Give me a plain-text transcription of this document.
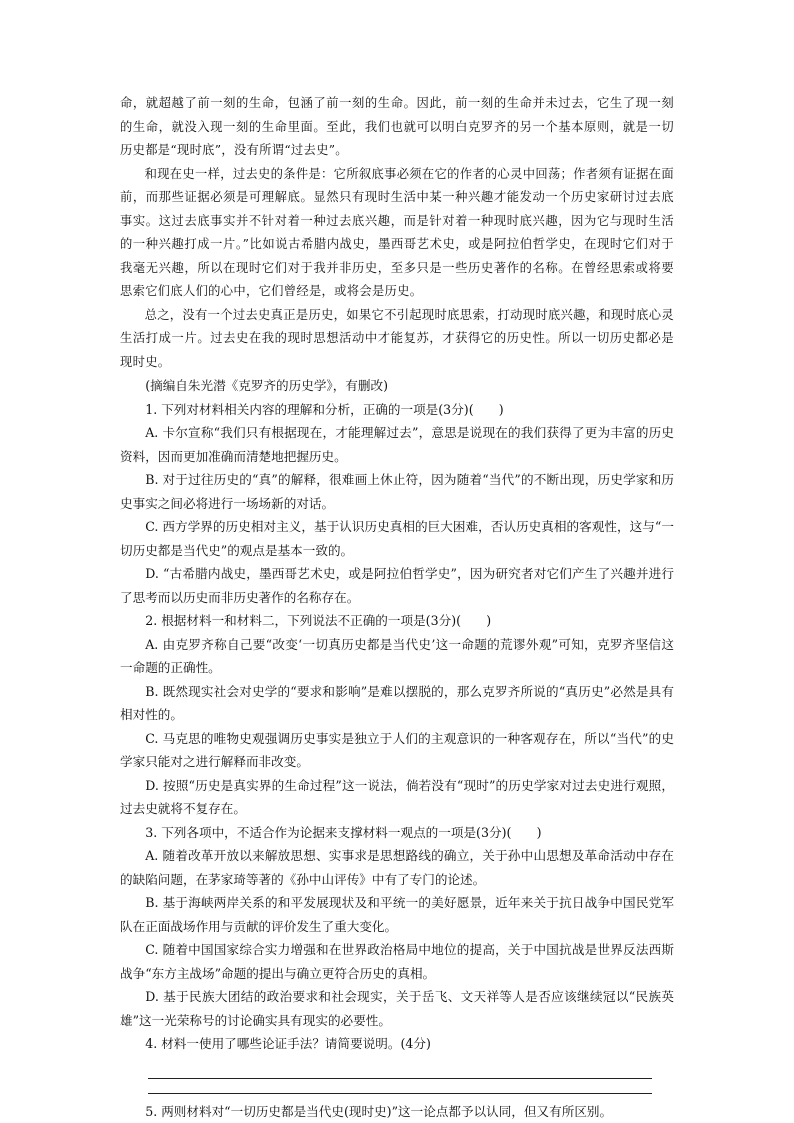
命，就超越了前一刻的生命，包涵了前一刻的生命。因此，前一刻的生命并未过去，它生了现一刻的生命，就没入现一刻的生命里面。至此，我们也就可以明白克罗齐的另一个基本原则，就是一切历史都是“现时底”，没有所谓“过去史”。

和现在史一样，过去史的条件是：它所叙底事必须在它的作者的心灵中回荡；作者须有证据在面前，而那些证据必须是可理解底。显然只有现时生活中某一种兴趣才能发动一个历史家研讨过去底事实。这过去底事实并不针对着一种过去底兴趣，而是针对着一种现时底兴趣，因为它与现时生活的一种兴趣打成一片。”比如说古希腊内战史，墨西哥艺术史，或是阿拉伯哲学史，在现时它们对于我毫无兴趣，所以在现时它们对于我并非历史，至多只是一些历史著作的名称。在曾经思索或将要思索它们底人们的心中，它们曾经是，或将会是历史。

总之，没有一个过去史真正是历史，如果它不引起现时底思索，打动现时底兴趣，和现时底心灵生活打成一片。过去史在我的现时思想活动中才能复苏，才获得它的历史性。所以一切历史都必是现时史。

(摘编自朱光潜《克罗齐的历史学》，有删改)

1. 下列对材料相关内容的理解和分析，正确的一项是(3分)(　　)

A. 卡尔宣称“我们只有根据现在，才能理解过去”，意思是说现在的我们获得了更为丰富的历史资料，因而更加准确而清楚地把握历史。

B. 对于过往历史的“真”的解释，很难画上休止符，因为随着“当代”的不断出现，历史学家和历史事实之间必将进行一场场新的对话。

C. 西方学界的历史相对主义，基于认识历史真相的巨大困难，否认历史真相的客观性，这与“一切历史都是当代史”的观点是基本一致的。

D. “古希腊内战史，墨西哥艺术史，或是阿拉伯哲学史”，因为研究者对它们产生了兴趣并进行了思考而以历史而非历史著作的名称存在。

2. 根据材料一和材料二，下列说法不正确的一项是(3分)(　　)

A. 由克罗齐称自己要“改变‘一切真历史都是当代史’这一命题的荒谬外观”可知，克罗齐坚信这一命题的正确性。

B. 既然现实社会对史学的“要求和影响”是难以摆脱的，那么克罗齐所说的“真历史”必然是具有相对性的。

C. 马克思的唯物史观强调历史事实是独立于人们的主观意识的一种客观存在，所以“当代”的史学家只能对之进行解释而非改变。

D. 按照“历史是真实界的生命过程”这一说法，倘若没有“现时”的历史学家对过去史进行观照，过去史就将不复存在。

3. 下列各项中，不适合作为论据来支撑材料一观点的一项是(3分)(　　)

A. 随着改革开放以来解放思想、实事求是思想路线的确立，关于孙中山思想及革命活动中存在的缺陷问题，在茅家琦等著的《孙中山评传》中有了专门的论述。

B. 基于海峡两岸关系的和平发展现状及和平统一的美好愿景，近年来关于抗日战争中国民党军队在正面战场作用与贡献的评价发生了重大变化。

C. 随着中国国家综合实力增强和在世界政治格局中地位的提高，关于中国抗战是世界反法西斯战争“东方主战场”命题的提出与确立更符合历史的真相。

D. 基于民族大团结的政治要求和社会现实，关于岳飞、文天祥等人是否应该继续冠以“民族英雄”这一光荣称号的讨论确实具有现实的必要性。

4. 材料一使用了哪些论证手法？请简要说明。(4分)

5. 两则材料对“一切历史都是当代史(现时史)”这一论点都予以认同，但又有所区别。
